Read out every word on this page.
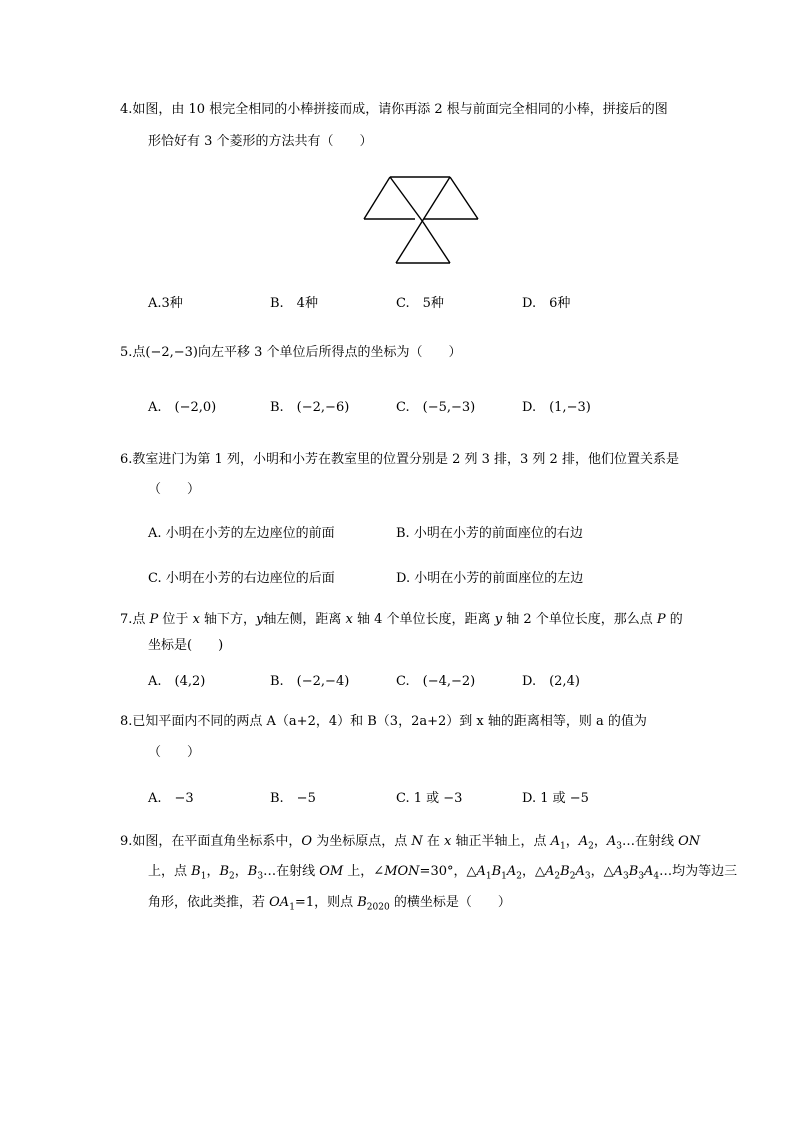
4.如图，由 10 根完全相同的小棒拼接而成，请你再添 2 根与前面完全相同的小棒，拼接后的图
形恰好有 3 个菱形的方法共有（　　）
A.3种	B.　4种	C.　5种	D.　6种
5.点(−2,−3)向左平移 3 个单位后所得点的坐标为（　　）
A.　(−2,0)	B.　(−2,−6)	C.　(−5,−3)	D.　(1,−3)
6.教室进门为第 1 列，小明和小芳在教室里的位置分别是 2 列 3 排，3 列 2 排，他们位置关系是
（　　）
A. 小明在小芳的左边座位的前面	B. 小明在小芳的前面座位的右边
C. 小明在小芳的右边座位的后面	D. 小明在小芳的前面座位的左边
7.点 P 位于 x 轴下方，y轴左侧，距离 x 轴 4 个单位长度，距离 y 轴 2 个单位长度，那么点 P 的
坐标是(　　)
A.　(4,2)	B.　(−2,−4)	C.　(−4,−2)	D.　(2,4)
8.已知平面内不同的两点 A（a+2，4）和 B（3，2a+2）到 x 轴的距离相等，则 a 的值为
（　　）
A.　−3	B.　−5	C. 1 或 −3	D. 1 或 −5
9.如图，在平面直角坐标系中，O 为坐标原点，点 N 在 x 轴正半轴上，点 $A_1$，$A_2$，$A_3\dots$在射线 ON
上，点 $B_1$，$B_2$，$B_3\dots$在射线 OM 上，∠MON=30°，$\triangle A_1B_1A_2$，$\triangle A_2B_2A_3$，$\triangle A_3B_3A_4\dots$均为等边三
角形，依此类推，若 $OA_1=1$，则点 $B_{2020}$ 的横坐标是（　　）
